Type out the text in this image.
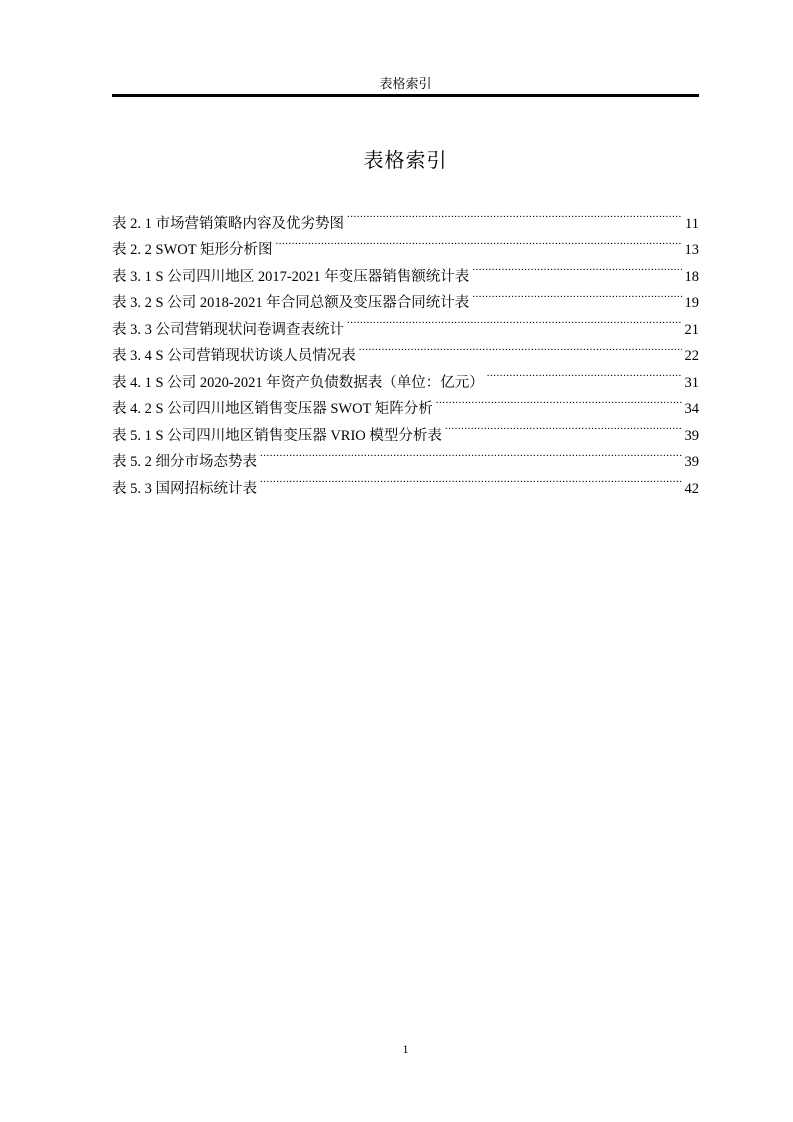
表格索引
表格索引
表 2. 1 市场营销策略内容及优劣势图 .....	11
表 2. 2 SWOT 矩形分析图 .....	13
表 3. 1 S 公司四川地区 2017-2021 年变压器销售额统计表 .....	18
表 3. 2 S 公司 2018-2021 年合同总额及变压器合同统计表 .....	19
表 3. 3 公司营销现状问卷调查表统计 .....	21
表 3. 4 S 公司营销现状访谈人员情况表 .....	22
表 4. 1 S 公司 2020-2021 年资产负债数据表（单位：亿元） .....	31
表 4. 2 S 公司四川地区销售变压器 SWOT 矩阵分析 .....	34
表 5. 1 S 公司四川地区销售变压器 VRIO 模型分析表 .....	39
表 5. 2 细分市场态势表 .....	39
表 5. 3 国网招标统计表 .....	42
1
